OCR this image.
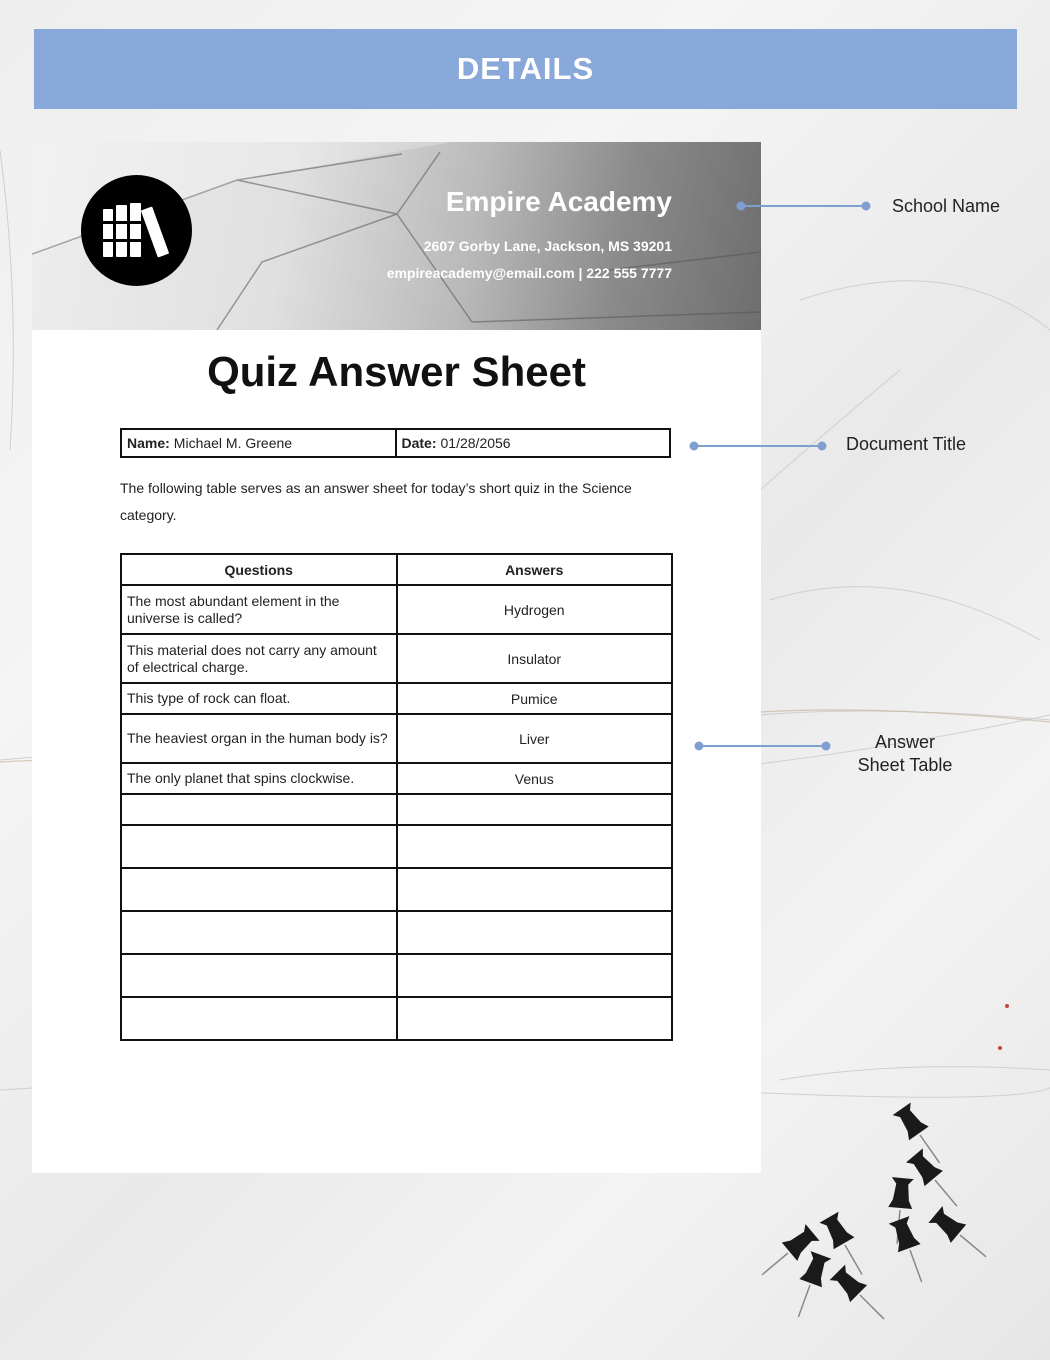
DETAILS
Empire Academy
2607 Gorby Lane, Jackson, MS 39201
empireacademy@email.com | 222 555 7777
Quiz Answer Sheet
Name: Michael M. Greene	Date: 01/28/2056
The following table serves as an answer sheet for today’s short quiz in the Science category.
Questions	Answers
The most abundant element in the universe is called?	Hydrogen
This material does not carry any amount of electrical charge.	Insulator
This type of rock can float.	Pumice
The heaviest organ in the human body is?	Liver
The only planet that spins clockwise.	Venus

School Name
Document Title
Answer
Sheet Table
